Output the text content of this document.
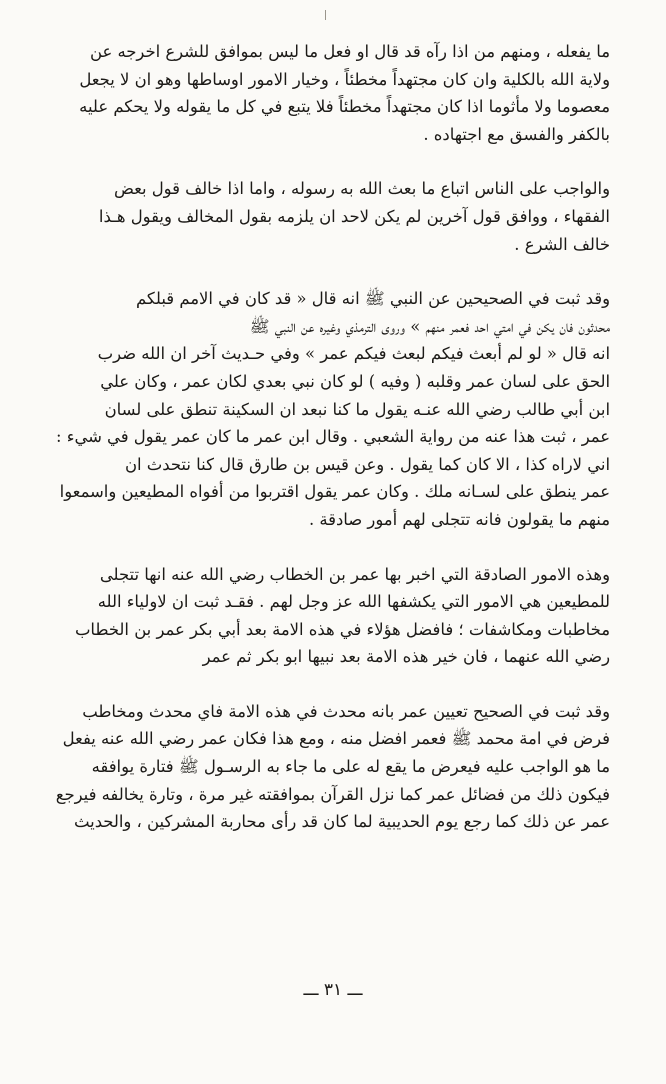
ما يفعله ، ومنهم من اذا رآه قد قال او فعل ما ليس بموافق للشرع اخرجه عن
ولاية الله بالكلية وان كان مجتهداً مخطئاً ، وخيار الامور اوساطها وهو ان لا يجعل
معصوما ولا مأثوما اذا كان مجتهداً مخطئاً فلا يتبع في كل ما يقوله ولا يحكم عليه
بالكفر والفسق مع اجتهاده .

والواجب على الناس اتباع ما بعث الله به رسوله ، واما اذا خالف قول بعض
الفقهاء ، ووافق قول آخرين لم يكن لاحد ان يلزمه بقول المخالف ويقول هـذا
خالف الشرع .

وقد ثبت في الصحيحين عن النبي ﷺ انه قال « قد كان في الامم قبلكم
محدثون فان يكن في امتي احد فعمر منهم » وروى الترمذي وغيره عن النبي ﷺ
انه قال « لو لم أبعث فيكم لبعث فيكم عمر » وفي حـديث آخر ان الله ضرب
الحق على لسان عمر وقلبه ( وفيه ) لو كان نبي بعدي لكان عمر ، وكان علي
ابن أبي طالب رضي الله عنـه يقول ما كنا نبعد ان السكينة تنطق على لسان
عمر ، ثبت هذا عنه من رواية الشعبي . وقال ابن عمر ما كان عمر يقول في شيء :
اني لاراه كذا ، الا كان كما يقول . وعن قيس بن طارق قال كنا نتحدث ان
عمر ينطق على لسـانه ملك . وكان عمر يقول اقتربوا من أفواه المطيعين واسمعوا
منهم ما يقولون فانه تتجلى لهم أمور صادقة .

وهذه الامور الصادقة التي اخبر بها عمر بن الخطاب رضي الله عنه انها تتجلى
للمطيعين هي الامور التي يكشفها الله عز وجل لهم . فقـد ثبت ان لاولياء الله
مخاطبات ومكاشفات ؛ فافضل هؤلاء في هذه الامة بعد أبي بكر عمر بن الخطاب
رضي الله عنهما ، فان خير هذه الامة بعد نبيها ابو بكر ثم عمر

وقد ثبت في الصحيح تعيين عمر بانه محدث في هذه الامة فاي محدث ومخاطب
فرض في امة محمد ﷺ فعمر افضل منه ، ومع هذا فكان عمر رضي الله عنه يفعل
ما هو الواجب عليه فيعرض ما يقع له على ما جاء به الرسـول ﷺ فتارة يوافقه
فيكون ذلك من فضائل عمر كما نزل القرآن بموافقته غير مرة ، وتارة يخالفه فيرجع
عمر عن ذلك كما رجع يوم الحديبية لما كان قد رأى محاربة المشركين ، والحديث

ـــ ٣١ ـــ
